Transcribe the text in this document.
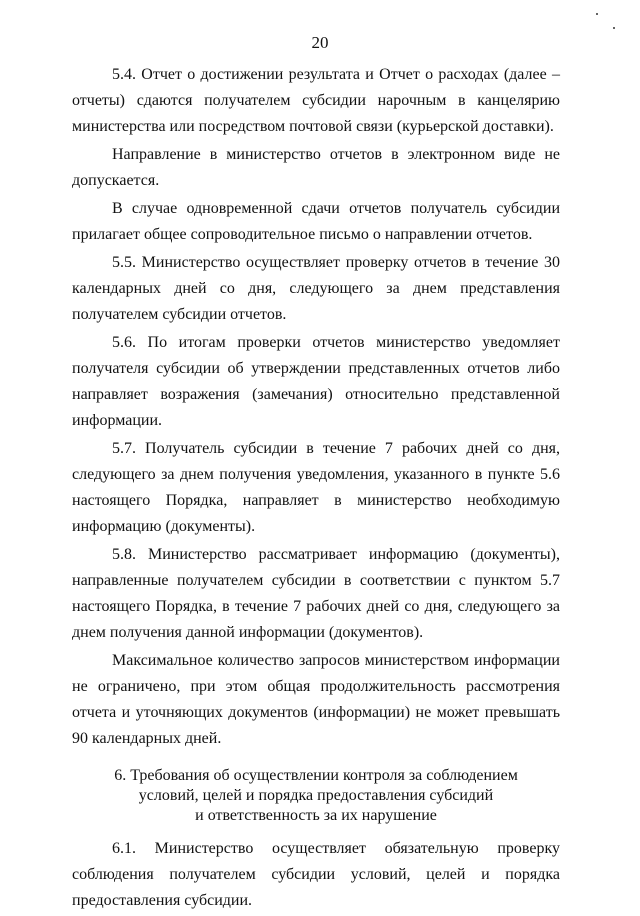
20

5.4. Отчет о достижении результата и Отчет о расходах (далее – отчеты) сдаются получателем субсидии нарочным в канцелярию министерства или посредством почтовой связи (курьерской доставки).

Направление в министерство отчетов в электронном виде не допускается.

В случае одновременной сдачи отчетов получатель субсидии прилагает общее сопроводительное письмо о направлении отчетов.

5.5. Министерство осуществляет проверку отчетов в течение 30 календарных дней со дня, следующего за днем представления получателем субсидии отчетов.

5.6. По итогам проверки отчетов министерство уведомляет получателя субсидии об утверждении представленных отчетов либо направляет возражения (замечания) относительно представленной информации.

5.7. Получатель субсидии в течение 7 рабочих дней со дня, следующего за днем получения уведомления, указанного в пункте 5.6 настоящего Порядка, направляет в министерство необходимую информацию (документы).

5.8. Министерство рассматривает информацию (документы), направленные получателем субсидии в соответствии с пунктом 5.7 настоящего Порядка, в течение 7 рабочих дней со дня, следующего за днем получения данной информации (документов).

Максимальное количество запросов министерством информации не ограничено, при этом общая продолжительность рассмотрения отчета и уточняющих документов (информации) не может превышать 90 календарных дней.

6. Требования об осуществлении контроля за соблюдением
условий, целей и порядка предоставления субсидий
и ответственность за их нарушение

6.1. Министерство осуществляет обязательную проверку соблюдения получателем субсидии условий, целей и порядка предоставления субсидии.
